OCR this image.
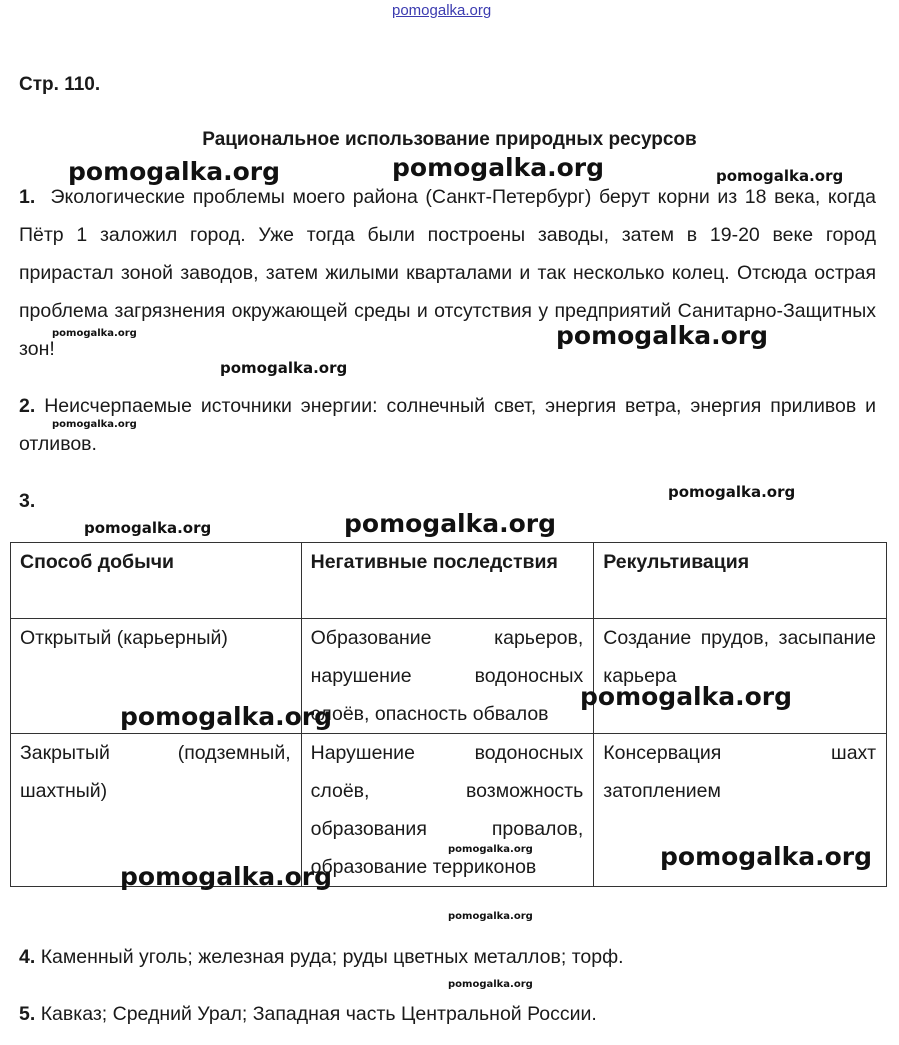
pomogalka.org
Стр. 110.
Рациональное использование природных ресурсов
1. Экологические проблемы моего района (Санкт-Петербург) берут корни из 18 века, когда Пётр 1 заложил город. Уже тогда были построены заводы, затем в 19-20 веке город прирастал зоной заводов, затем жилыми кварталами и так несколько колец. Отсюда острая проблема загрязнения окружающей среды и отсутствия у предприятий Санитарно-Защитных зон!
2. Неисчерпаемые источники энергии: солнечный свет, энергия ветра, энергия приливов и отливов.
3.
Способ добычи	Негативные последствия	Рекультивация
Открытый (карьерный)	Образование карьеров, нарушение водоносных слоёв, опасность обвалов	Создание прудов, засыпание карьера
Закрытый (подземный, шахтный)	Нарушение водоносных слоёв, возможность образования провалов, образование терриконов	Консервация шахт затоплением
4. Каменный уголь; железная руда; руды цветных металлов; торф.
5. Кавказ; Средний Урал; Западная часть Центральной России.
pomogalka.org	pomogalka.org	pomogalka.org
pomogalka.org	pomogalka.org
pomogalka.org
pomogalka.org
pomogalka.org
pomogalka.org	pomogalka.org
pomogalka.org
pomogalka.org
pomogalka.org	pomogalka.org
pomogalka.org
pomogalka.org
pomogalka.org
